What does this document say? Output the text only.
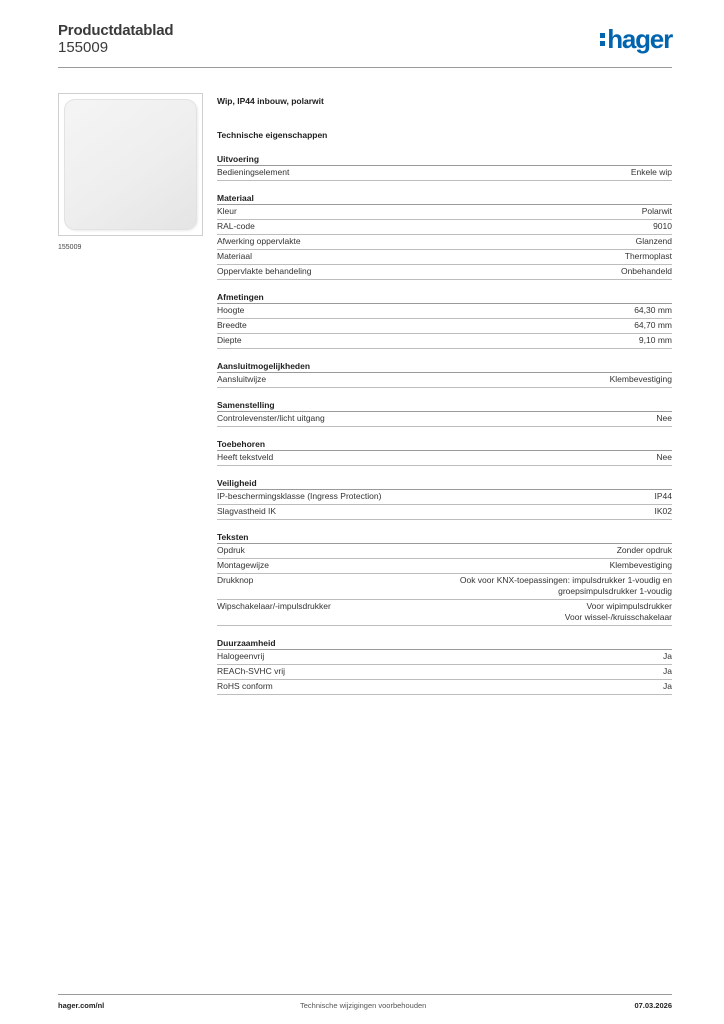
Productdatablad
155009	hager
155009
Wip, IP44 inbouw, polarwit
Technische eigenschappen
Uitvoering
Bedieningselement	Enkele wip
Materiaal
Kleur	Polarwit
RAL-code	9010
Afwerking oppervlakte	Glanzend
Materiaal	Thermoplast
Oppervlakte behandeling	Onbehandeld
Afmetingen
Hoogte	64,30 mm
Breedte	64,70 mm
Diepte	9,10 mm
Aansluitmogelijkheden
Aansluitwijze	Klembevestiging
Samenstelling
Controlevenster/licht uitgang	Nee
Toebehoren
Heeft tekstveld	Nee
Veiligheid
IP-beschermingsklasse (Ingress Protection)	IP44
Slagvastheid IK	IK02
Teksten
Opdruk	Zonder opdruk
Montagewijze	Klembevestiging
Drukknop	Ook voor KNX-toepassingen: impulsdrukker 1-voudig en
groepsimpulsdrukker 1-voudig
Wipschakelaar/-impulsdrukker	Voor wipimpulsdrukker
Voor wissel-/kruisschakelaar
Duurzaamheid
Halogeenvrij	Ja
REACh-SVHC vrij	Ja
RoHS conform	Ja
hager.com/nl	Technische wijzigingen voorbehouden	07.03.2026
